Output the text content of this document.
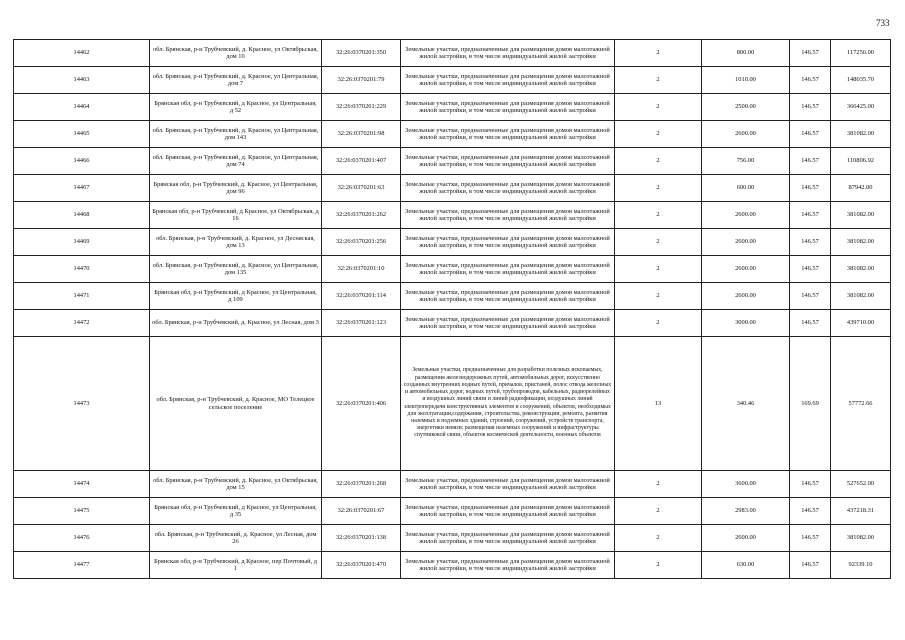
733
14462	обл. Брянская, р-н Трубчевский, д. Красное, ул Октябрьская, дом 10	32:26:0370201:350	Земельные участки, предназначенные для размещения домов малоэтажной жилой застройки, в том числе индивидуальной жилой застройки	2	800.00	146.57	117256.00
14463	обл. Брянская, р-н Трубчевский, д. Красное, ул Центральная, дом 7	32:26:0370201:79	Земельные участки, предназначенные для размещения домов малоэтажной жилой застройки, в том числе индивидуальной жилой застройки	2	1010.00	146.57	148035.70
14464	Брянская обл, р-н Трубчевский, д Красное, ул Центральная, д 52	32:26:0370201:229	Земельные участки, предназначенные для размещения домов малоэтажной жилой застройки, в том числе индивидуальной жилой застройки	2	2500.00	146.57	366425.00
14465	обл. Брянская, р-н Трубчевский, д. Красное, ул Центральная, дом 143	32:26:0370201:98	Земельные участки, предназначенные для размещения домов малоэтажной жилой застройки, в том числе индивидуальной жилой застройки	2	2600.00	146.57	381082.00
14466	обл. Брянская, р-н Трубчевский, д. Красное, ул Центральная, дом 74	32:26:0370201:407	Земельные участки, предназначенные для размещения домов малоэтажной жилой застройки, в том числе индивидуальной жилой застройки	2	756.00	146.57	110806.92
14467	Брянская обл, р-н Трубчевский, д. Красное, ул Центральная, дом 96	32:26:0370201:63	Земельные участки, предназначенные для размещения домов малоэтажной жилой застройки, в том числе индивидуальной жилой застройки	2	600.00	146.57	87942.00
14468	Брянская обл, р-н Трубчевский, д Красное, ул Октябрьская, д 16	32:26:0370201:262	Земельные участки, предназначенные для размещения домов малоэтажной жилой застройки, в том числе индивидуальной жилой застройки	2	2600.00	146.57	381082.00
14469	обл. Брянская, р-н Трубчевский, д. Красное, ул Десняская, дом 13	32:26:0370201:256	Земельные участки, предназначенные для размещения домов малоэтажной жилой застройки, в том числе индивидуальной жилой застройки	2	2600.00	146.57	381082.00
14470	обл. Брянская, р-н Трубчевский, д. Красное, ул Центральная, дом 135	32:26:0370201:10	Земельные участки, предназначенные для размещения домов малоэтажной жилой застройки, в том числе индивидуальной жилой застройки	2	2600.00	146.57	381082.00
14471	Брянская обл, р-н Трубчевский, д Красное, ул Центральная, д 109	32:26:0370201:114	Земельные участки, предназначенные для размещения домов малоэтажной жилой застройки, в том числе индивидуальной жилой застройки	2	2600.00	146.57	381082.00
14472	обл. Брянская, р-н Трубчевский, д. Красное, ул Лесная, дом 3	32:26:0370201:123	Земельные участки, предназначенные для размещения домов малоэтажной жилой застройки, в том числе индивидуальной жилой застройки	2	3000.00	146.57	439710.00
14473	обл. Брянская, р-н Трубчевский, д. Красное, МО Телецкое сельское поселение	32:26:0370201:406	Земельные участки, предназначенные для разработки полезных ископаемых, размещения железнодорожных путей, автомобильных дорог, искусственно созданных внутренних водных путей, причалов, пристаней, полос отвода железных и автомобильных дорог, водных путей, трубопроводов, кабельных, радиорелейных и воздушных линий связи и линий радиофикации, воздушных линий электропередачи конструктивных элементов и сооружений, объектов, необходимых для эксплуатации,содержания, строительства, реконструкции, ремонта, развития наземных и подземных зданий, строений, сооружений, устройств транспорта, энергетики иевязи; размещения наземных сооружений и инфраструктуры спутниковой связи, объектов космической деятельности, военных объектов	13	340.46	169.69	57772.66
14474	обл. Брянская, р-н Трубчевский, д. Красное, ул Октябрьская, дом 15	32:26:0370201:268	Земельные участки, предназначенные для размещения домов малоэтажной жилой застройки, в том числе индивидуальной жилой застройки	2	3600.00	146.57	527652.00
14475	Брянская обл, р-н Трубчевский, д Красное, ул Центральная, д 35	32:26:0370201:67	Земельные участки, предназначенные для размещения домов малоэтажной жилой застройки, в том числе индивидуальной жилой застройки	2	2983.00	146.57	437218.31
14476	обл. Брянская, р-н Трубчевский, д. Красное, ул Лесная, дом 26	32:26:0370201:138	Земельные участки, предназначенные для размещения домов малоэтажной жилой застройки, в том числе индивидуальной жилой застройки	2	2600.00	146.57	381082.00
14477	Брянская обл, р-н Трубчевский, д Красное, пер Почтовый, д 1	32:26:0370201:470	Земельные участки, предназначенные для размещения домов малоэтажной жилой застройки, в том числе индивидуальной жилой застройки	2	630.00	146.57	92339.10
